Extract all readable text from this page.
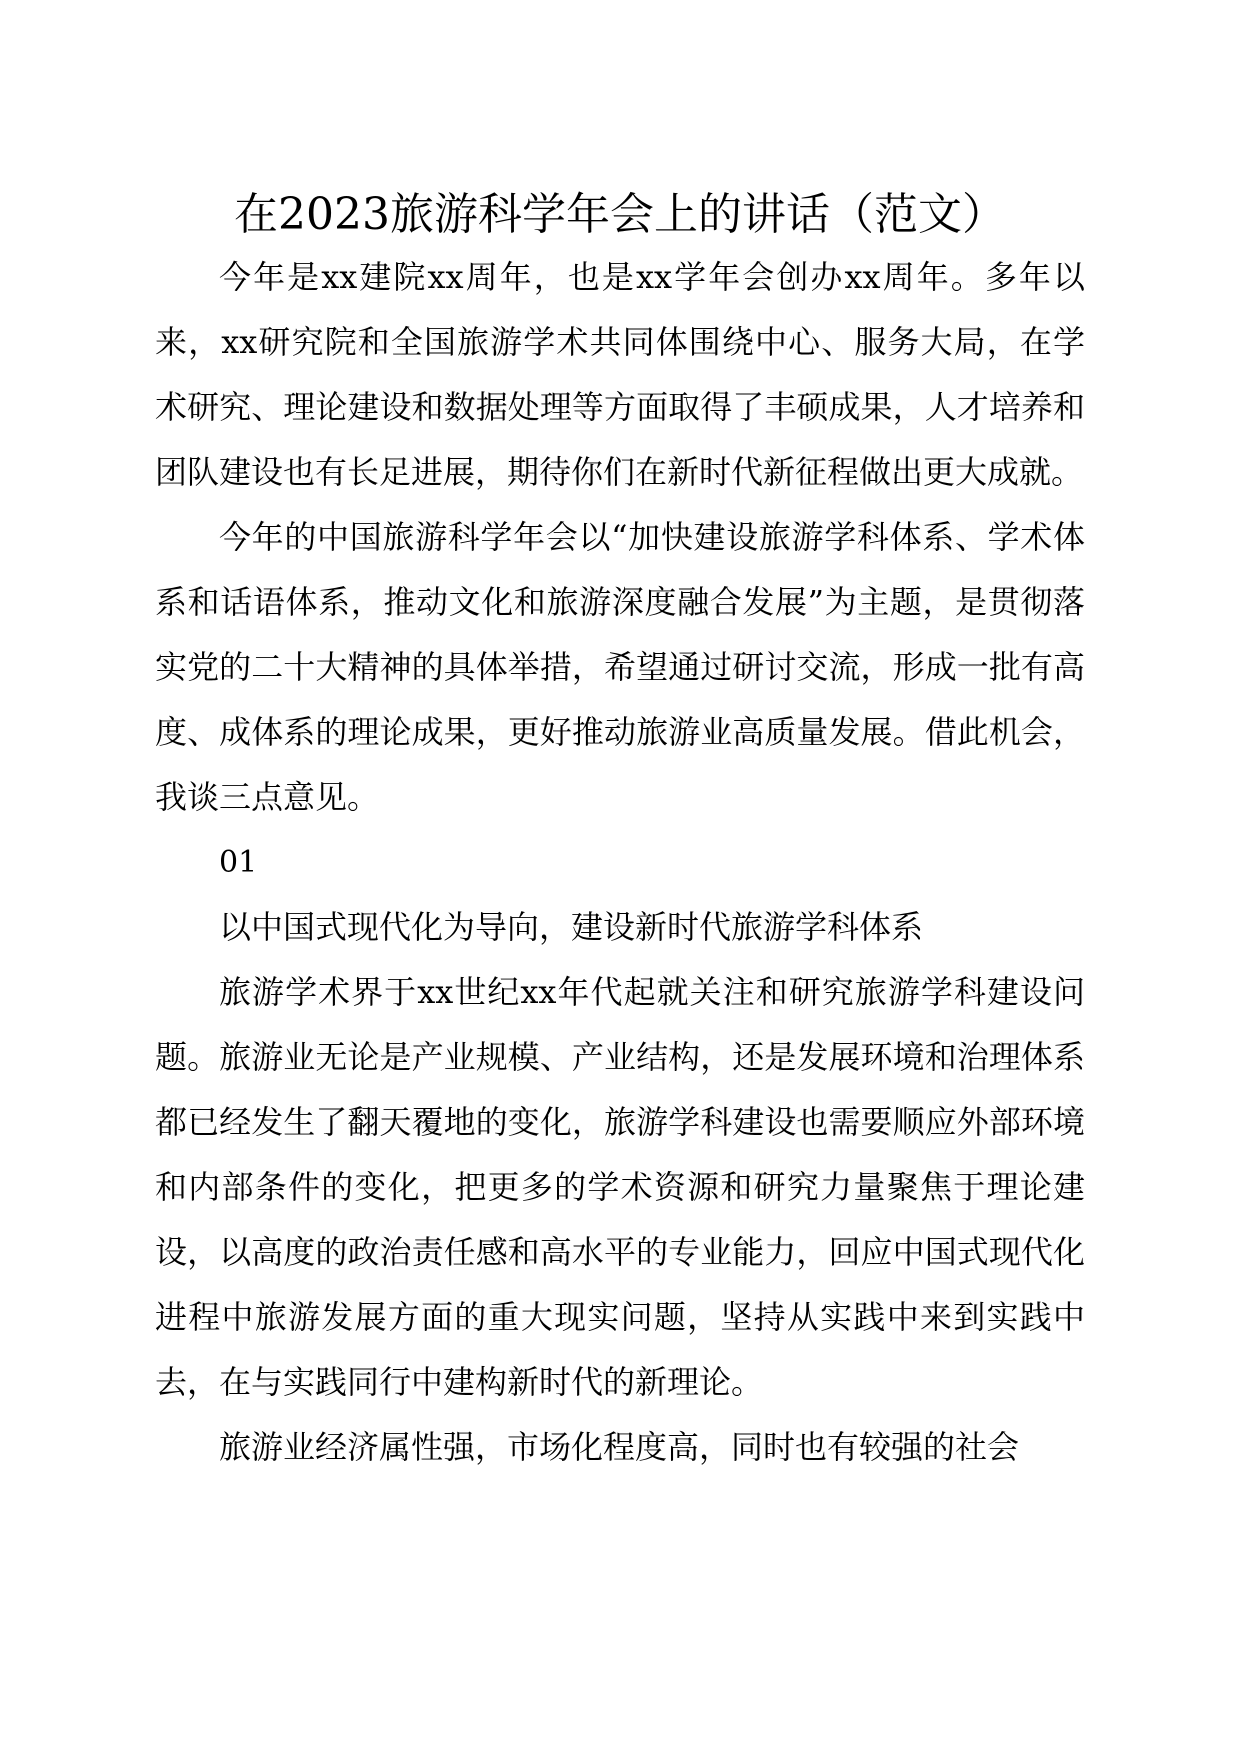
在2023旅游科学年会上的讲话（范文）

今年是xx建院xx周年，也是xx学年会创办xx周年。多年以来，xx研究院和全国旅游学术共同体围绕中心、服务大局，在学术研究、理论建设和数据处理等方面取得了丰硕成果，人才培养和团队建设也有长足进展，期待你们在新时代新征程做出更大成就。

今年的中国旅游科学年会以“加快建设旅游学科体系、学术体系和话语体系，推动文化和旅游深度融合发展”为主题，是贯彻落实党的二十大精神的具体举措，希望通过研讨交流，形成一批有高度、成体系的理论成果，更好推动旅游业高质量发展。借此机会，我谈三点意见。

01

以中国式现代化为导向，建设新时代旅游学科体系

旅游学术界于xx世纪xx年代起就关注和研究旅游学科建设问题。旅游业无论是产业规模、产业结构，还是发展环境和治理体系都已经发生了翻天覆地的变化，旅游学科建设也需要顺应外部环境和内部条件的变化，把更多的学术资源和研究力量聚焦于理论建设，以高度的政治责任感和高水平的专业能力，回应中国式现代化进程中旅游发展方面的重大现实问题，坚持从实践中来到实践中去，在与实践同行中建构新时代的新理论。

旅游业经济属性强，市场化程度高，同时也有较强的社会
